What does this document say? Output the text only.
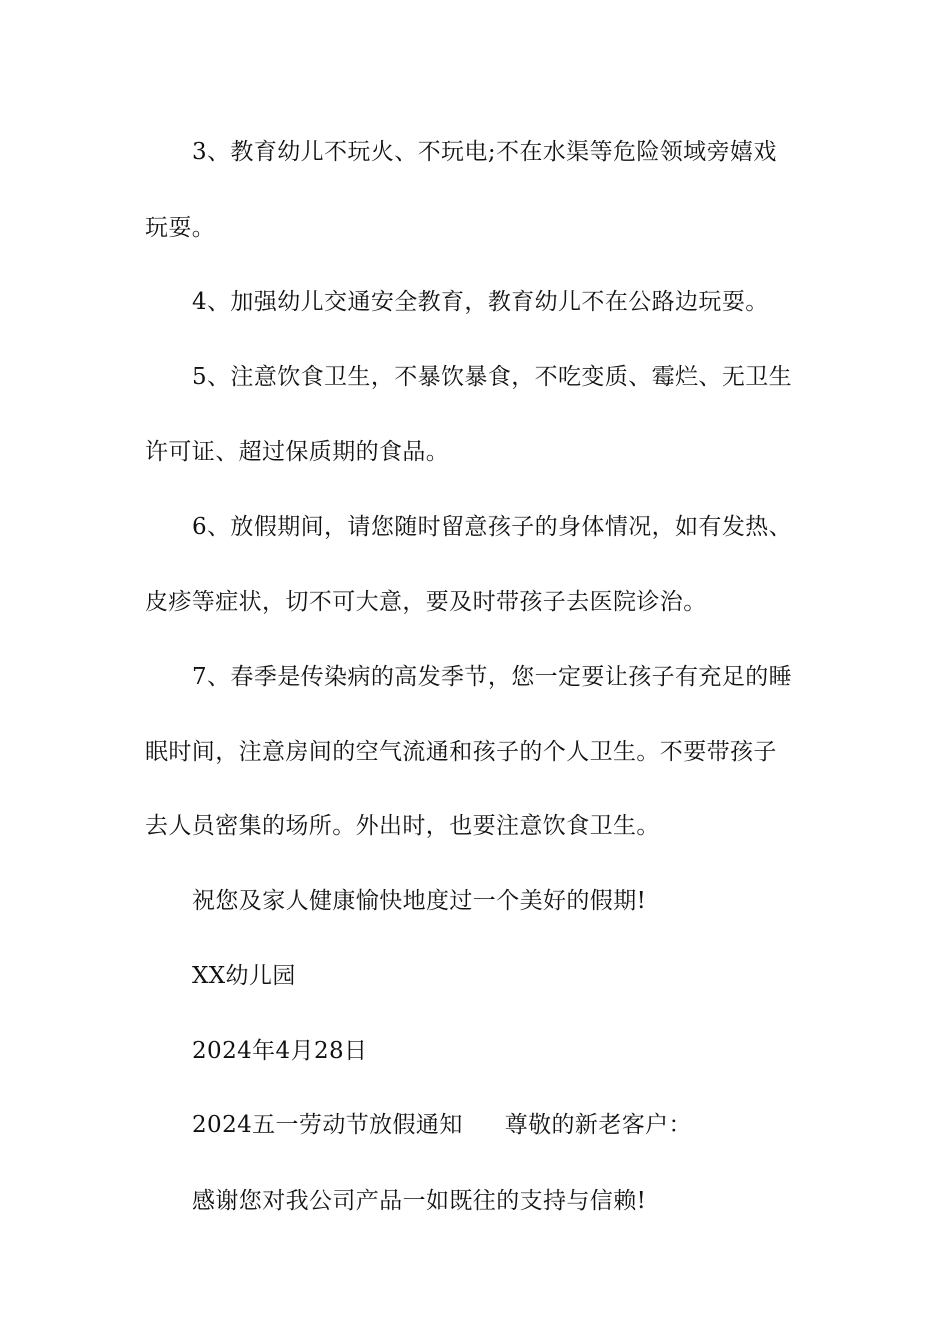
3、教育幼儿不玩火、不玩电;不在水渠等危险领域旁嬉戏
玩耍。
4、加强幼儿交通安全教育，教育幼儿不在公路边玩耍。
5、注意饮食卫生，不暴饮暴食，不吃变质、霉烂、无卫生
许可证、超过保质期的食品。
6、放假期间，请您随时留意孩子的身体情况，如有发热、
皮疹等症状，切不可大意，要及时带孩子去医院诊治。
7、春季是传染病的高发季节，您一定要让孩子有充足的睡
眠时间，注意房间的空气流通和孩子的个人卫生。不要带孩子
去人员密集的场所。外出时，也要注意饮食卫生。
祝您及家人健康愉快地度过一个美好的假期!
XX幼儿园
2024年4月28日
2024五一劳动节放假通知 尊敬的新老客户：
感谢您对我公司产品一如既往的支持与信赖!
